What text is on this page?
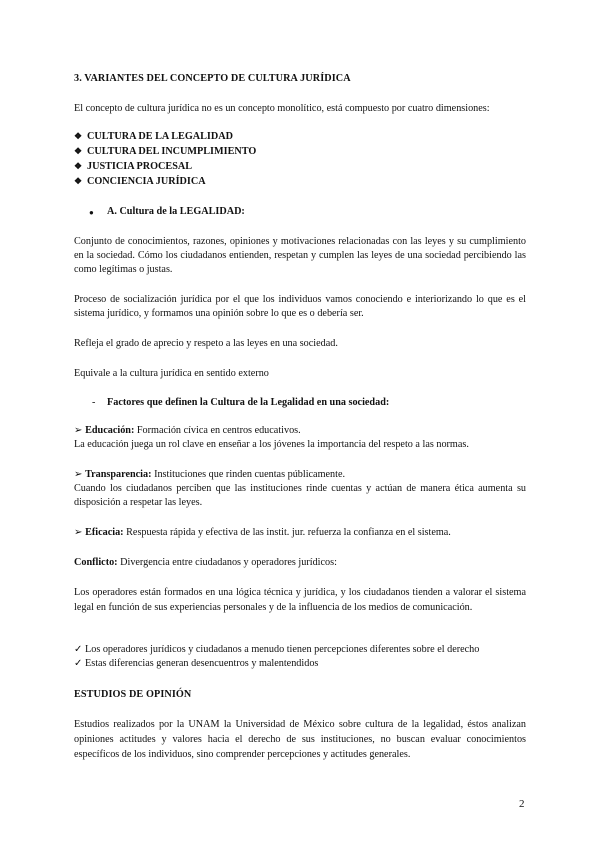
3. VARIANTES DEL CONCEPTO DE CULTURA JURÍDICA
El concepto de cultura jurídica no es un concepto monolítico, está compuesto por cuatro dimensiones:
❖ CULTURA DE LA LEGALIDAD
❖ CULTURA DEL INCUMPLIMIENTO
❖ JUSTICIA PROCESAL
❖ CONCIENCIA JURÍDICA
● A. Cultura de la LEGALIDAD:
Conjunto de conocimientos, razones, opiniones y motivaciones relacionadas con las leyes y su cumplimiento en la sociedad. Cómo los ciudadanos entienden, respetan y cumplen las leyes de una sociedad percibiendo las como legítimas o justas.
Proceso de socialización jurídica por el que los individuos vamos conociendo e interiorizando lo que es el sistema jurídico, y formamos una opinión sobre lo que es o debería ser.
Refleja el grado de aprecio y respeto a las leyes en una sociedad.
Equivale a la cultura jurídica en sentido externo
-	Factores que definen la Cultura de la Legalidad en una sociedad:
➢ Educación: Formación cívica en centros educativos.
La educación juega un rol clave en enseñar a los jóvenes la importancia del respeto a las normas.
➢ Transparencia: Instituciones que rinden cuentas públicamente.
Cuando los ciudadanos perciben que las instituciones rinde cuentas y actúan de manera ética aumenta su disposición a respetar las leyes.
➢ Eficacia: Respuesta rápida y efectiva de las instit. jur. refuerza la confianza en el sistema.
Conflicto: Divergencia entre ciudadanos y operadores jurídicos:
Los operadores están formados en una lógica técnica y jurídica, y los ciudadanos tienden a valorar el sistema legal en función de sus experiencias personales y de la influencia de los medios de comunicación.
✓ Los operadores jurídicos y ciudadanos a menudo tienen percepciones diferentes sobre el derecho
✓ Estas diferencias generan desencuentros y malentendidos
ESTUDIOS DE OPINIÓN
Estudios realizados por la UNAM la Universidad de México sobre cultura de la legalidad, éstos analizan opiniones actitudes y valores hacia el derecho de sus instituciones, no buscan evaluar conocimientos específicos de los individuos, sino comprender percepciones y actitudes generales.
2
